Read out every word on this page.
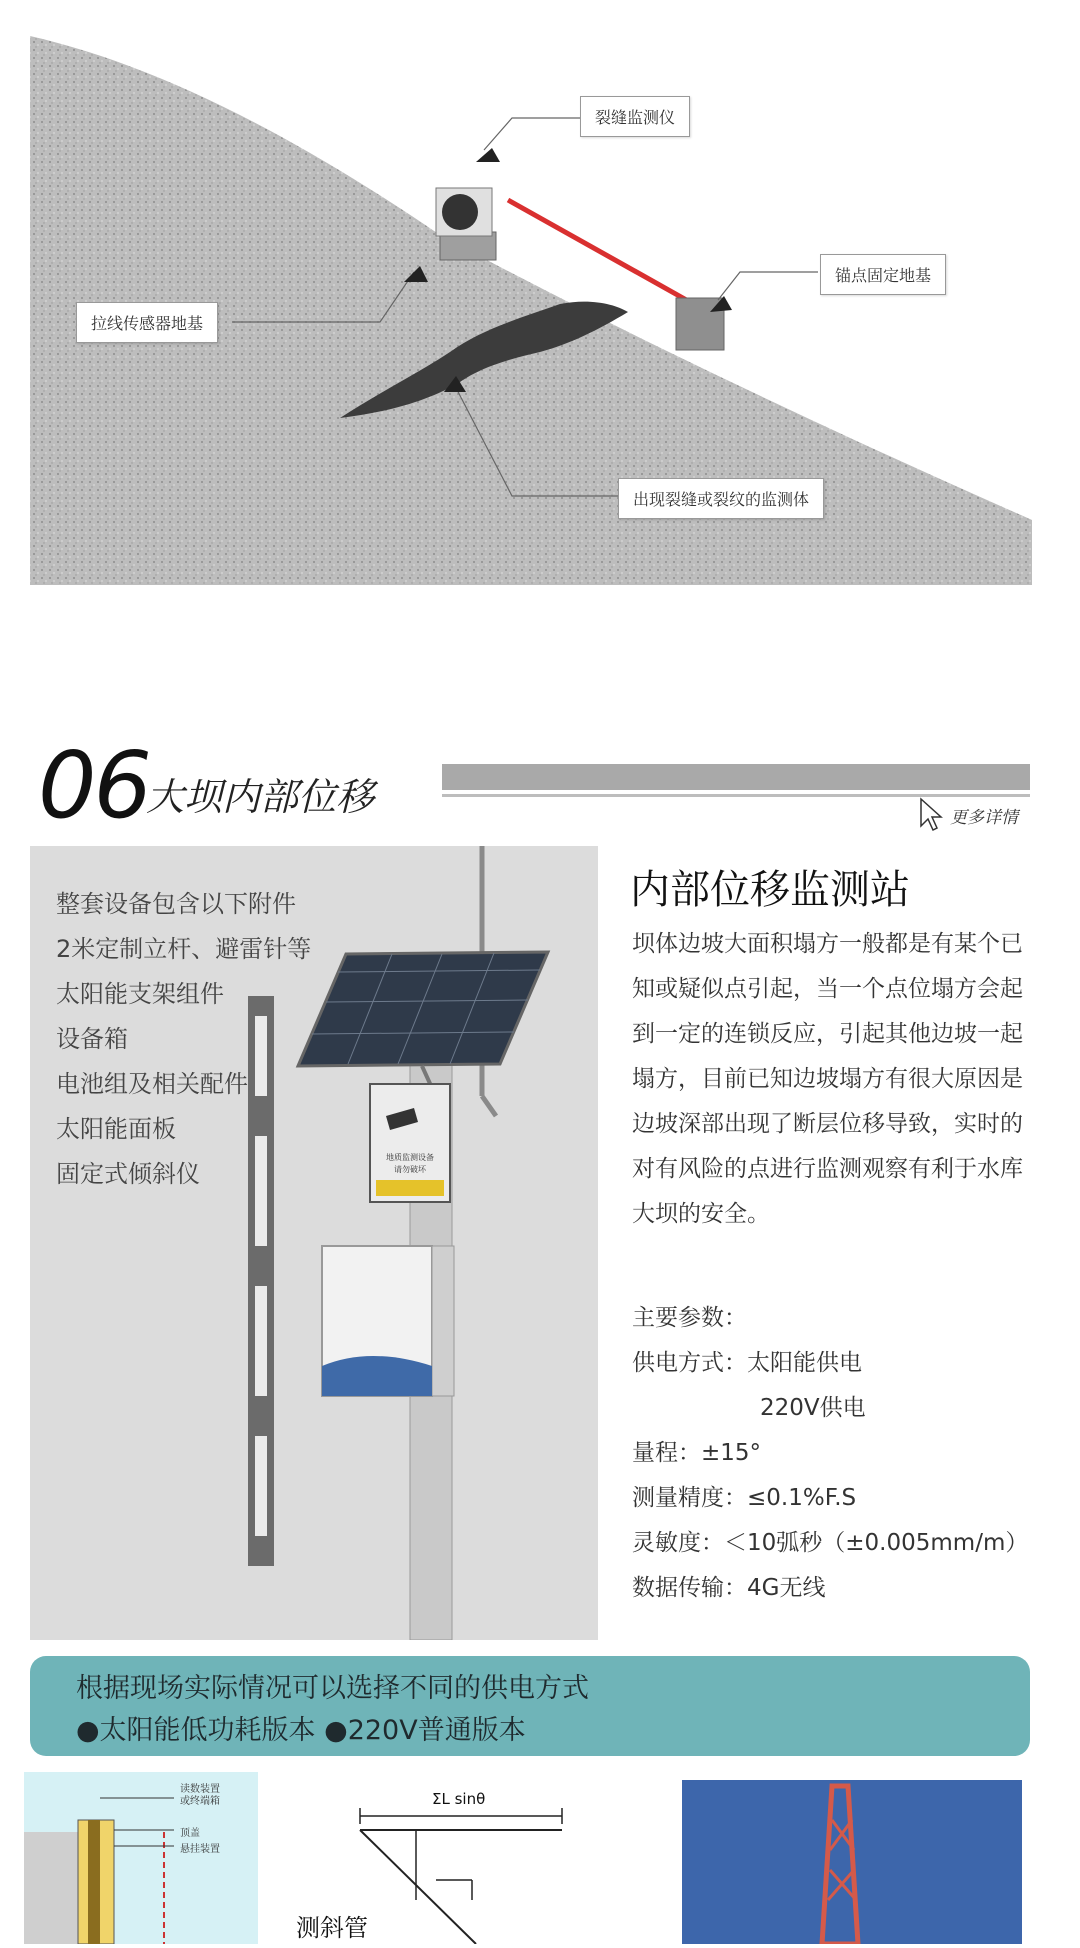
裂缝监测仪
锚点固定地基
拉线传感器地基
出现裂缝或裂纹的监测体
06
大坝内部位移	更多详情
地质监测设备
请勿破坏
整套设备包含以下附件
2米定制立杆、避雷针等
太阳能支架组件
设备箱
电池组及相关配件
太阳能面板
固定式倾斜仪
内部位移监测站
坝体边坡大面积塌方一般都是有某个已知或疑似点引起，当一个点位塌方会起到一定的连锁反应，引起其他边坡一起塌方，目前已知边坡塌方有很大原因是边坡深部出现了断层位移导致，实时的对有风险的点进行监测观察有利于水库大坝的安全。
主要参数：
供电方式：太阳能供电
220V供电
量程：±15°
测量精度：≤0.1%F.S
灵敏度：＜10弧秒（±0.005mm/m）
数据传输：4G无线
根据现场实际情况可以选择不同的供电方式
●太阳能低功耗版本 ●220V普通版本
读数装置
或终端箱
顶盖
悬挂装置
ΣL sinθ
测斜管
